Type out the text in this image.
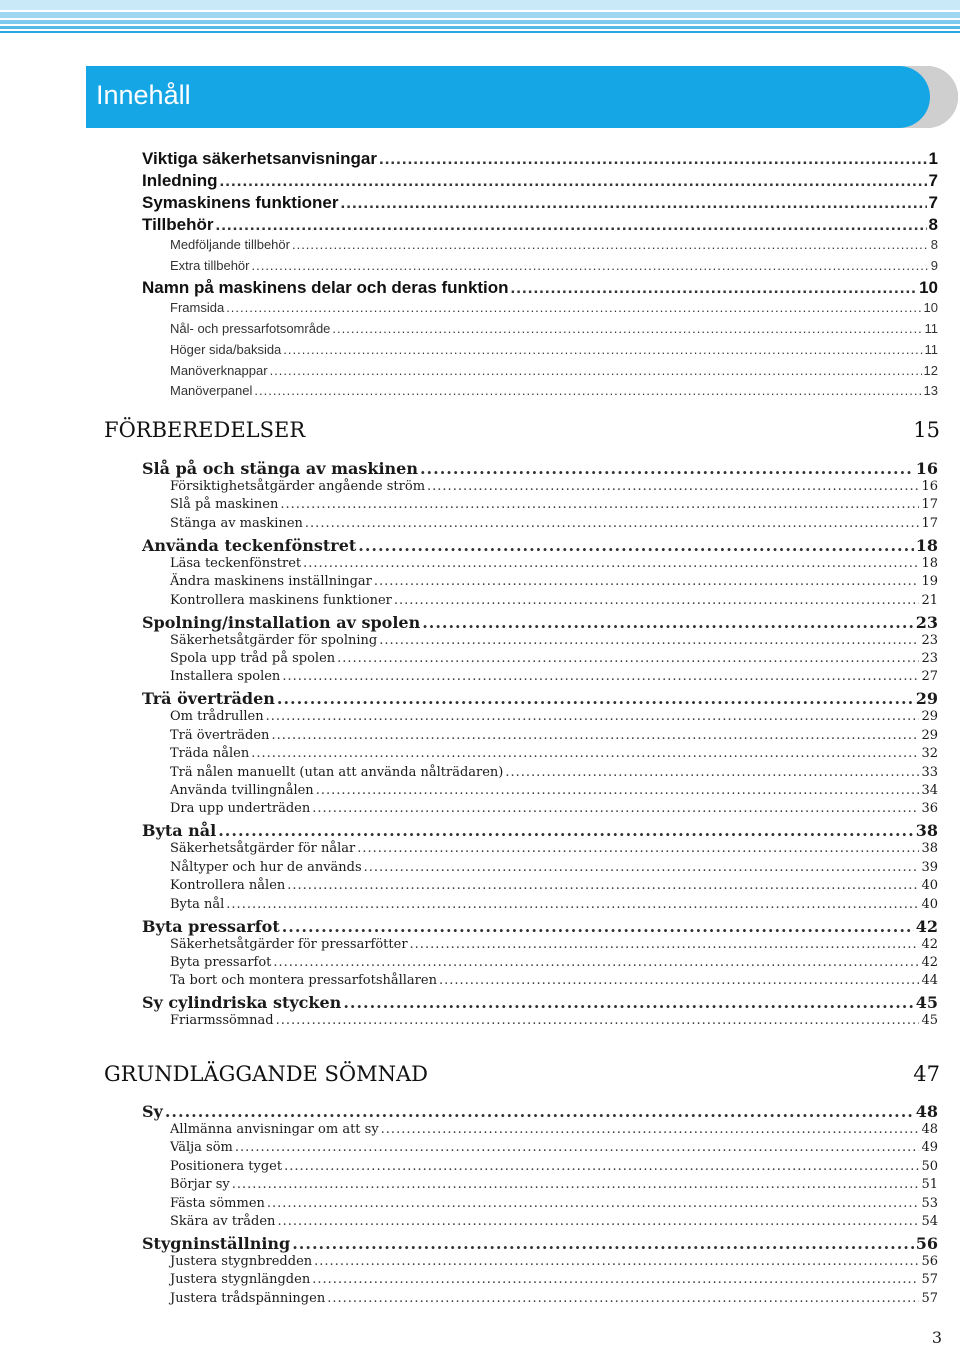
Innehåll
Viktiga säkerhetsanvisningar .....	1
Inledning .....	7
Symaskinens funktioner .....	7
Tillbehör .....	8
Medföljande tillbehör .....	8
Extra tillbehör .....	9
Namn på maskinens delar och deras funktion .....	10
Framsida .....	10
Nål- och pressarfotsområde .....	11
Höger sida/baksida .....	11
Manöverknappar .....	12
Manöverpanel .....	13
Slå på och stänga av maskinen .....	16
Försiktighetsåtgärder angående ström .....	16
Slå på maskinen .....	17
Stänga av maskinen .....	17
Använda teckenfönstret .....	18
Läsa teckenfönstret .....	18
Ändra maskinens inställningar .....	19
Kontrollera maskinens funktioner .....	21
Spolning/installation av spolen .....	23
Säkerhetsåtgärder för spolning .....	23
Spola upp tråd på spolen .....	23
Installera spolen .....	27
Trä överträden .....	29
Om trådrullen .....	29
Trä överträden .....	29
Träda nålen .....	32
Trä nålen manuellt (utan att använda nålträdaren) .....	33
Använda tvillingnålen .....	34
Dra upp underträden .....	36
Byta nål .....	38
Säkerhetsåtgärder för nålar .....	38
Nåltyper och hur de används .....	39
Kontrollera nålen .....	40
Byta nål .....	40
Byta pressarfot .....	42
Säkerhetsåtgärder för pressarfötter .....	42
Byta pressarfot .....	42
Ta bort och montera pressarfotshållaren .....	44
Sy cylindriska stycken .....	45
Friarmssömnad .....	45
Sy .....	48
Allmänna anvisningar om att sy .....	48
Välja söm .....	49
Positionera tyget .....	50
Börjar sy .....	51
Fästa sömmen .....	53
Skära av tråden .....	54
Stygninställning .....	56
Justera stygnbredden .....	56
Justera stygnlängden .....	57
Justera trådspänningen .....	57
FÖRBEREDELSER	15
GRUNDLÄGGANDE SÖMNAD	47
3
